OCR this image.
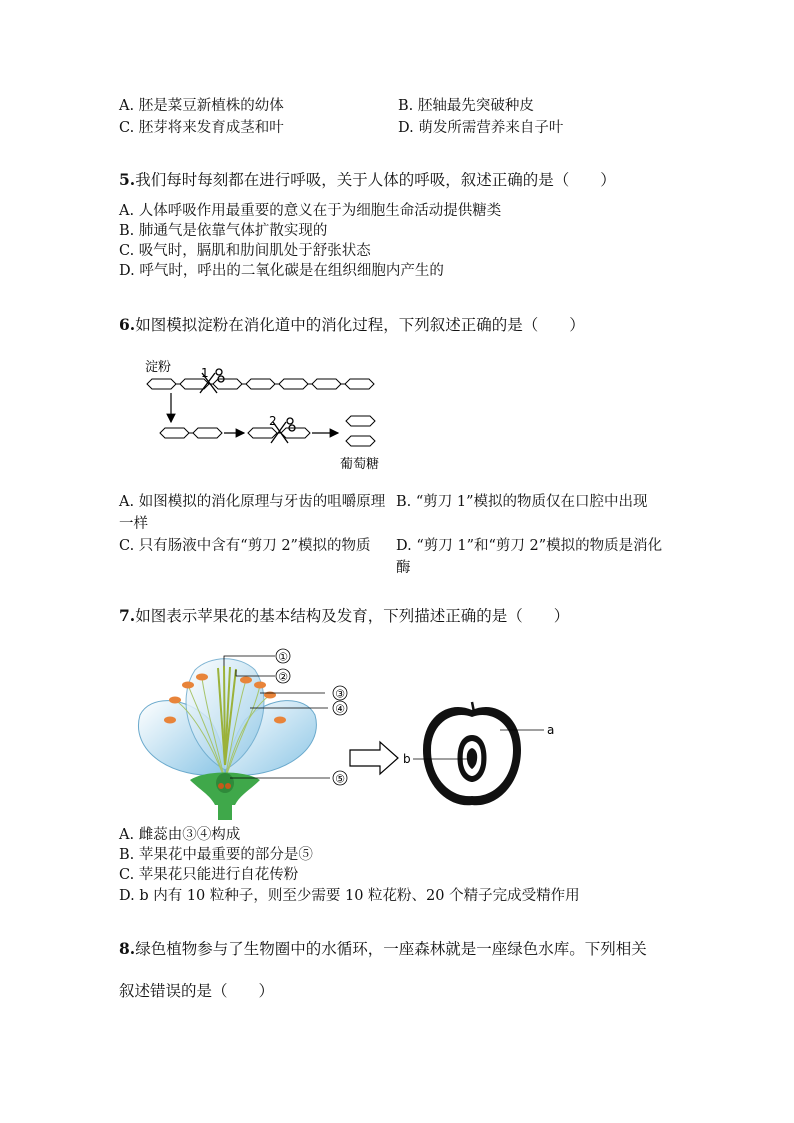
A. 胚是菜豆新植株的幼体	B. 胚轴最先突破种皮
C. 胚芽将来发育成茎和叶	D. 萌发所需营养来自子叶
5.我们每时每刻都在进行呼吸，关于人体的呼吸，叙述正确的是（　　）
A. 人体呼吸作用最重要的意义在于为细胞生命活动提供糖类
B. 肺通气是依靠气体扩散实现的
C. 吸气时，膈肌和肋间肌处于舒张状态
D. 呼气时，呼出的二氧化碳是在组织细胞内产生的
6.如图模拟淀粉在消化道中的消化过程，下列叙述正确的是（　　）
淀粉 1
2
葡萄糖
A. 如图模拟的消化原理与牙齿的咀嚼原理一样
B. “剪刀 1”模拟的物质仅在口腔中出现
C. 只有肠液中含有“剪刀 2”模拟的物质	D. “剪刀 1”和“剪刀 2”模拟的物质是消化酶
7.如图表示苹果花的基本结构及发育，下列描述正确的是（　　）
①
②
③
④
⑤
a
b
A. 雌蕊由③④构成
B. 苹果花中最重要的部分是⑤
C. 苹果花只能进行自花传粉
D. b 内有 10 粒种子，则至少需要 10 粒花粉、20 个精子完成受精作用
8.绿色植物参与了生物圈中的水循环，一座森林就是一座绿色水库。下列相关
叙述错误的是（　　）
